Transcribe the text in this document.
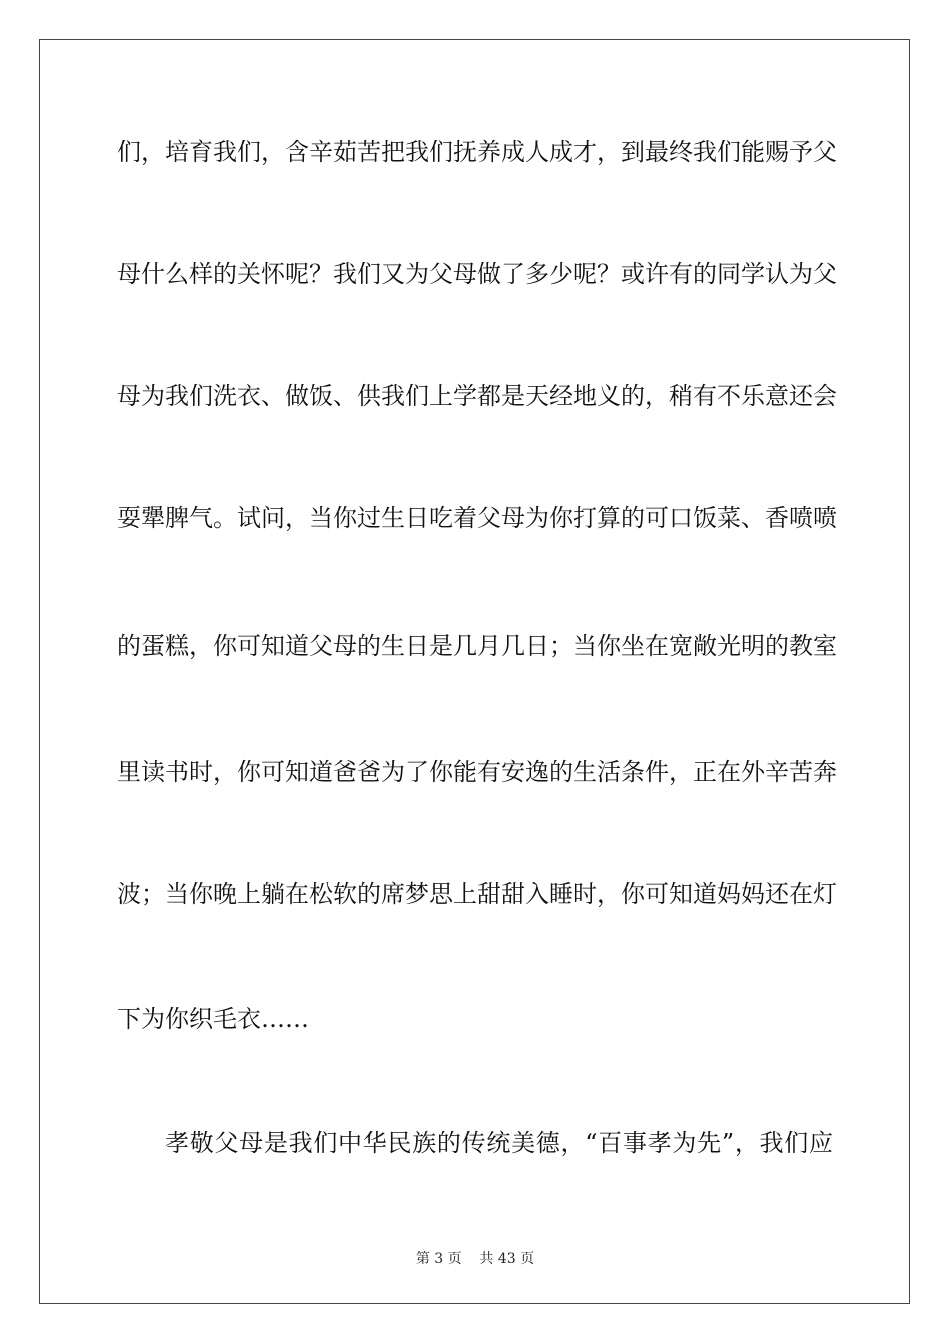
们，培育我们，含辛茹苦把我们抚养成人成才，到最终我们能赐予父
母什么样的关怀呢？我们又为父母做了多少呢？或许有的同学认为父
母为我们洗衣、做饭、供我们上学都是天经地义的，稍有不乐意还会
耍犟脾气。试问，当你过生日吃着父母为你打算的可口饭菜、香喷喷
的蛋糕，你可知道父母的生日是几月几日；当你坐在宽敞光明的教室
里读书时，你可知道爸爸为了你能有安逸的生活条件，正在外辛苦奔
波；当你晚上躺在松软的席梦思上甜甜入睡时，你可知道妈妈还在灯
下为你织毛衣……
孝敬父母是我们中华民族的传统美德，“百事孝为先”，我们应
第 3 页    共 43 页
